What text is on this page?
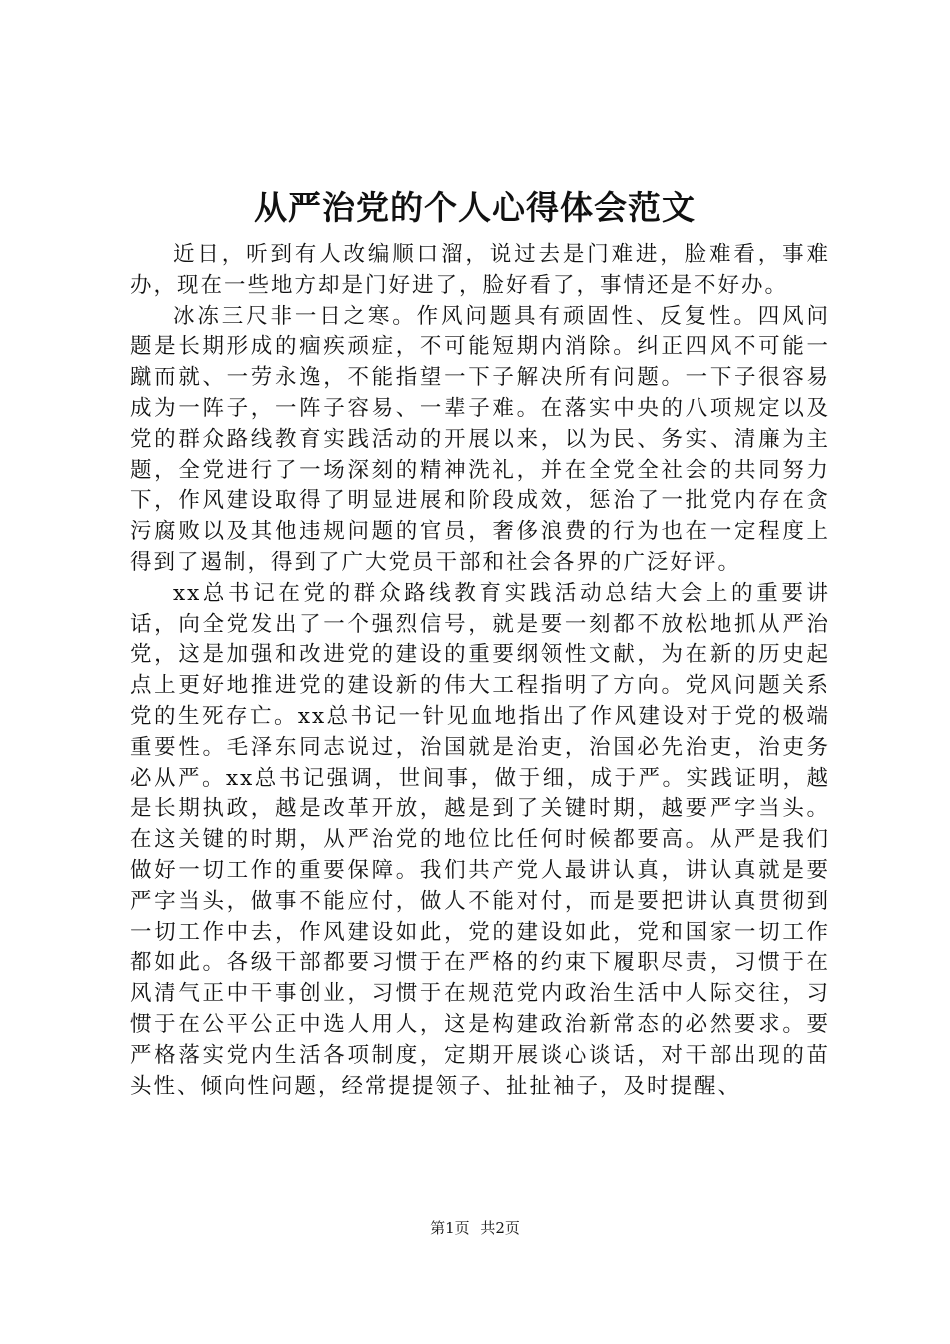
从严治党的个人心得体会范文

近日，听到有人改编顺口溜，说过去是门难进，脸难看，事难办，现在一些地方却是门好进了，脸好看了，事情还是不好办。

冰冻三尺非一日之寒。作风问题具有顽固性、反复性。四风问题是长期形成的痼疾顽症，不可能短期内消除。纠正四风不可能一蹴而就、一劳永逸，不能指望一下子解决所有问题。一下子很容易成为一阵子，一阵子容易、一辈子难。在落实中央的八项规定以及党的群众路线教育实践活动的开展以来，以为民、务实、清廉为主题，全党进行了一场深刻的精神洗礼，并在全党全社会的共同努力下，作风建设取得了明显进展和阶段成效，惩治了一批党内存在贪污腐败以及其他违规问题的官员，奢侈浪费的行为也在一定程度上得到了遏制，得到了广大党员干部和社会各界的广泛好评。

xx总书记在党的群众路线教育实践活动总结大会上的重要讲话，向全党发出了一个强烈信号，就是要一刻都不放松地抓从严治党，这是加强和改进党的建设的重要纲领性文献，为在新的历史起点上更好地推进党的建设新的伟大工程指明了方向。党风问题关系党的生死存亡。xx总书记一针见血地指出了作风建设对于党的极端重要性。毛泽东同志说过，治国就是治吏，治国必先治吏，治吏务必从严。xx总书记强调，世间事，做于细，成于严。实践证明，越是长期执政，越是改革开放，越是到了关键时期，越要严字当头。在这关键的时期，从严治党的地位比任何时候都要高。从严是我们做好一切工作的重要保障。我们共产党人最讲认真，讲认真就是要严字当头，做事不能应付，做人不能对付，而是要把讲认真贯彻到一切工作中去，作风建设如此，党的建设如此，党和国家一切工作都如此。各级干部都要习惯于在严格的约束下履职尽责，习惯于在风清气正中干事创业，习惯于在规范党内政治生活中人际交往，习惯于在公平公正中选人用人，这是构建政治新常态的必然要求。要严格落实党内生活各项制度，定期开展谈心谈话，对干部出现的苗头性、倾向性问题，经常提提领子、扯扯袖子，及时提醒、

第1页 共2页
